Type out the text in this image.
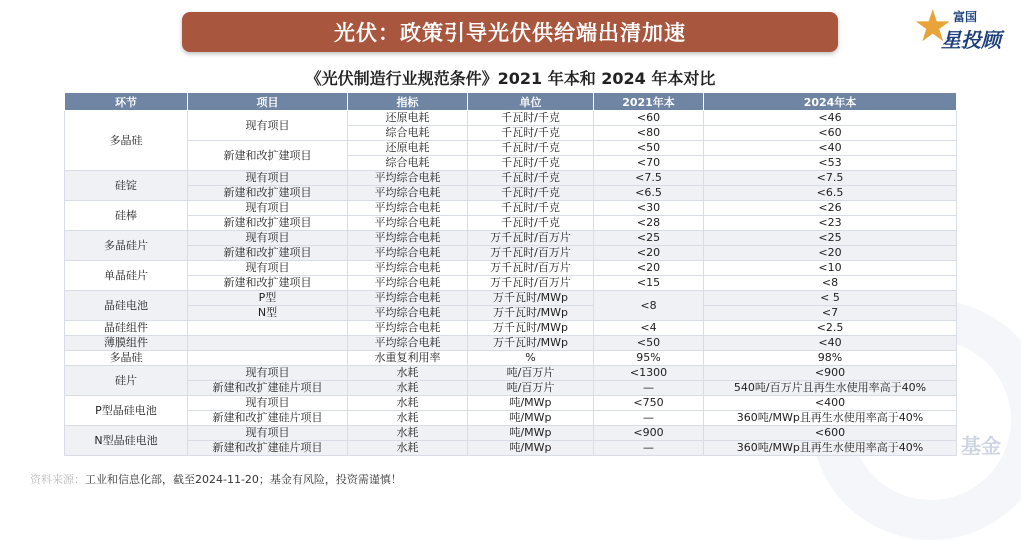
基金
光伏：政策引导光伏供给端出清加速	★ 富国
星投顾
《光伏制造行业规范条件》2021 年本和 2024 年本对比
环节	项目	指标	单位	2021年本	2024年本
多晶硅	现有项目	还原电耗	千瓦时/千克	<60	<46
		综合电耗	千瓦时/千克	<80	<60
	新建和改扩建项目	还原电耗	千瓦时/千克	<50	<40
		综合电耗	千瓦时/千克	<70	<53
硅锭	现有项目	平均综合电耗	千瓦时/千克	<7.5	<7.5
	新建和改扩建项目	平均综合电耗	千瓦时/千克	<6.5	<6.5
硅棒	现有项目	平均综合电耗	千瓦时/千克	<30	<26
	新建和改扩建项目	平均综合电耗	千瓦时/千克	<28	<23
多晶硅片	现有项目	平均综合电耗	万千瓦时/百万片	<25	<25
	新建和改扩建项目	平均综合电耗	万千瓦时/百万片	<20	<20
单晶硅片	现有项目	平均综合电耗	万千瓦时/百万片	<20	<10
	新建和改扩建项目	平均综合电耗	万千瓦时/百万片	<15	<8
晶硅电池	P型	平均综合电耗	万千瓦时/MWp	<8	< 5
	N型	平均综合电耗	万千瓦时/MWp		<7
晶硅组件		平均综合电耗	万千瓦时/MWp	<4	<2.5
薄膜组件		平均综合电耗	万千瓦时/MWp	<50	<40
多晶硅		水重复利用率	%	95%	98%
硅片	现有项目	水耗	吨/百万片	<1300	<900
	新建和改扩建硅片项目	水耗	吨/百万片	—	540吨/百万片且再生水使用率高于40%
P型晶硅电池	现有项目	水耗	吨/MWp	<750	<400
	新建和改扩建硅片项目	水耗	吨/MWp	—	360吨/MWp且再生水使用率高于40%
N型晶硅电池	现有项目	水耗	吨/MWp	<900	<600
	新建和改扩建硅片项目	水耗	吨/MWp	—	360吨/MWp且再生水使用率高于40%
资料来源：工业和信息化部，截至2024-11-20；基金有风险，投资需谨慎！
